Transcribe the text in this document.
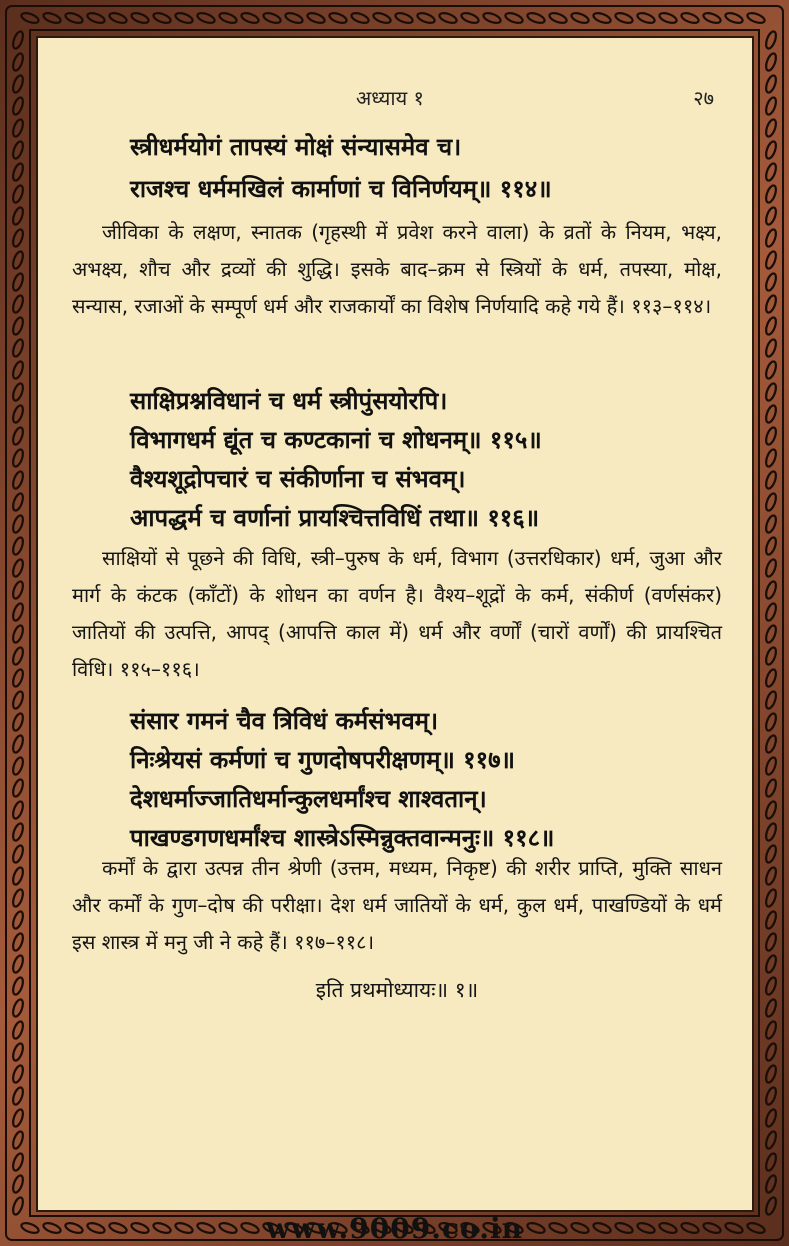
अध्याय १	२७
स्त्रीधर्मयोगं तापस्यं मोक्षं संन्यासमेव च।
राजश्च धर्ममखिलं कार्माणां च विनिर्णयम्॥ ११४॥
जीविका के लक्षण, स्नातक (गृहस्थी में प्रवेश करने वाला) के व्रतों के नियम, भक्ष्य, अभक्ष्य, शौच और द्रव्यों की शुद्धि। इसके बाद–क्रम से स्त्रियों के धर्म, तपस्या, मोक्ष, सन्यास, रजाओं के सम्पूर्ण धर्म और राजकार्यों का विशेष निर्णयादि कहे गये हैं। ११३–११४।
साक्षिप्रश्नविधानं च धर्म स्त्रीपुंसयोरपि।
विभागधर्म द्यूंत च कण्टकानां च शोधनम्॥ ११५॥
वैश्यशूद्रोपचारं च संकीर्णाना च संभवम्।
आपद्धर्म च वर्णानां प्रायश्चित्तविधिं तथा॥ ११६॥
साक्षियों से पूछने की विधि, स्त्री–पुरुष के धर्म, विभाग (उत्तरधिकार) धर्म, जुआ और मार्ग के कंटक (काँटों) के शोधन का वर्णन है। वैश्य–शूद्रों के कर्म, संकीर्ण (वर्णसंकर) जातियों की उत्पत्ति, आपद् (आपत्ति काल में) धर्म और वर्णों (चारों वर्णों) की प्रायश्चित विधि। ११५–११६।
संसार गमनं चैव त्रिविधं कर्मसंभवम्।
निःश्रेयसं कर्मणां च गुणदोषपरीक्षणम्॥ ११७॥
देशधर्माज्जातिधर्मान्कुलधर्मांश्च शाश्वतान्।
पाखण्डगणधर्मांश्च शास्त्रेऽस्मिन्नुक्तवान्मनुः॥ ११८॥
कर्मों के द्वारा उत्पन्न तीन श्रेणी (उत्तम, मध्यम, निकृष्ट) की शरीर प्राप्ति, मुक्ति साधन और कर्मों के गुण–दोष की परीक्षा। देश धर्म जातियों के धर्म, कुल धर्म, पाखण्डियों के धर्म इस शास्त्र में मनु जी ने कहे हैं। ११७–११८।
इति प्रथमोध्यायः॥ १॥
www.9009.co.in
